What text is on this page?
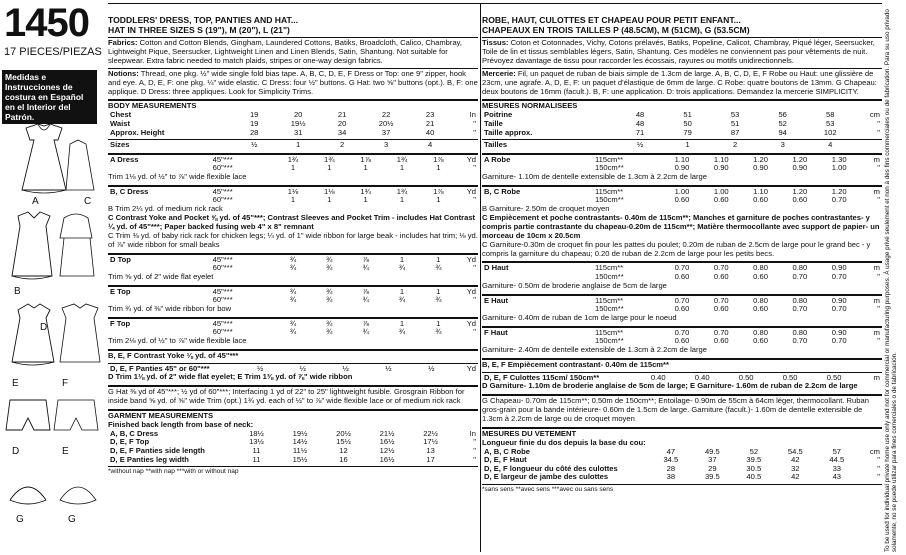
1450
17 PIECES/PIEZAS
Medidas e Instrucciones de costura en Español en el Interior del Patrón.
A	C
B
D
E	F
D	E
G	G
TODDLERS' DRESS, TOP, PANTIES AND HAT...
HAT IN THREE SIZES S (19"), M (20"), L (21")
Fabrics: Cotton and Cotton Blends, Gingham, Laundered Cottons, Batiks, Broadcloth, Calico, Chambray, Lightweight Pique, Seersucker, Lightweight Linen and Linen Blends, Satin, Shantung. Not suitable for sleepwear. Extra fabric needed to match plaids, stripes or one-way design fabrics.
Notions: Thread, one pkg. ½" wide single fold bias tape. A, B, C, D, E, F Dress or Top: one 9" zipper, hook and eye. A, D, E, F: one pkg. ¼" wide elastic. C Dress: four ½" buttons. G Hat: two ⅝" buttons (opt.). B, F: one applique. D Dress: three appliques. Look for Simplicity Trims.
BODY MEASUREMENTS
Chest	19	20	21	22	23	In
Waist	19	19½	20	20½	21	"
Approx. Height	28	31	34	37	40	"
Sizes	½	1	2	3	4	
A Dress	45"***	1¾	1¾	1⅞	1¾	1⅞	Yd
	60"***	1	1	1	1	1	"
Trim 1⅛ yd. of ½" to ⅞" wide flexible lace
B, C Dress	45"***	1⅛	1⅛	1¾	1¾	1⅞	Yd
	60"***	1	1	1	1	1	"
B Trim 2¼ yd. of medium rick rack
C Contrast Yoke and Pocket ⅝ yd. of 45"***; Contrast Sleeves and Pocket Trim - includes Hat Contrast ¼ yd. of 45"***; Paper backed fusing web 4" x 8" remnant
C Trim ⅜ yd. of baby rick rack for chicken legs; ¼ yd. of 1" wide ribbon for large beak - includes hat trim; ⅛ yd. of ⅞" wide ribbon for small beaks
D Top	45"***	¾	¾	⅞	1	1	Yd
	60"***	¾	¾	¾	¾	¾	"
Trim ⅝ yd. of 2" wide flat eyelet
E Top	45"***	¾	¾	⅞	1	1	Yd
	60"***	¾	¾	¾	¾	¾	"
Trim ¾ yd. of ⅜" wide ribbon for bow
F Top	45"***	¾	¾	⅞	1	1	Yd
	60"***	¾	¾	¾	¾	¾	"
Trim 2⅛ yd. of ½" to ⅞" wide flexible lace
B, E, F Contrast Yoke ⅛ yd. of 45"***
D, E, F Panties 45" or 60"***	½	½	½	½	½	Yd
D Trim 1⅛ yd. of 2" wide flat eyelet; E Trim 1⅜ yd. of ⅞" wide ribbon
G Hat ⅜ yd of 45"***; ½ yd of 60"***; Interfacing 1 yd of 22" to 25" lightweight fusible. Grosgrain Ribbon for inside band ⅝ yd. of ⅝" wide Trim (opt.) 1¾ yd. each of ½" to ⅞" wide flexible lace or of medium rick rack
GARMENT MEASUREMENTS
Finished back length from base of neck:
A, B, C Dress	18½	19½	20½	21½	22½	In
D, E, F Top	13½	14½	15½	16½	17½	"
D, E, F Panties side length	11	11½	12	12½	13	"
D, E Panties leg width	11	15½	16	16½	17	"
*without nap **with nap ***with or without nap
ROBE, HAUT, CULOTTES ET CHAPEAU POUR PETIT ENFANT...
CHAPEAUX EN TROIS TAILLES P (48.5CM), M (51CM), G (53.5CM)
Tissus: Coton et Cotonnades, Vichy, Cotons prélavés, Batiks, Popeline, Calicot, Chambray, Piqué léger, Seersucker, Toile de lin et tissus semblables légers, Satin, Shantung. Ces modèles ne conviennent pas pour vêtements de nuit. Prévoyez davantage de tissu pour raccorder les écossais, rayures ou motifs unidirectionnels.
Mercerie: Fil, un paquet de ruban de biais simple de 1.3cm de large. A, B, C, D, E, F Robe ou Haut: une glissière de 23cm, une agrafe. A, D, E, F: un paquet d'élastique de 6mm de large. C Robe: quatre boutons de 13mm. G Chapeau: deux boutons de 16mm (facult.). B, F: une application. D: trois applications. Demandez la mercerie SIMPLICITY.
MESURES NORMALISEES
Poitrine	48	51	53	56	58	cm
Taille	48	50	51	52	53	"
Taille approx.	71	79	87	94	102	"
Tailles	½	1	2	3	4	
A Robe	115cm**	1.10	1.10	1.20	1.20	1.30	m
	150cm**	0.90	0.90	0.90	0.90	1.00	"
Garniture- 1.10m de dentelle extensible de 1.3cm à 2.2cm de large
B, C Robe	115cm**	1.00	1.00	1.10	1.20	1.20	m
	150cm**	0.60	0.60	0.60	0.60	0.70	"
B Garniture- 2.50m de croquet moyen
C Empiècement et poche contrastants- 0.40m de 115cm**; Manches et garniture de poches contrastantes- y compris partie contrastante du chapeau-0.20m de 115cm**; Matière thermocollante avec support de papier- un morceau de 10cm x 20.5cm
C Garniture-0.30m de croquet fin pour les pattes du poulet; 0.20m de ruban de 2.5cm de large pour le grand bec - y compris la garniture du chapeau; 0.20 de ruban de 2.2cm de large pour les petits becs.
D Haut	115cm**	0.70	0.70	0.80	0.80	0.90	m
	150cm**	0.60	0.60	0.60	0.70	0.70	"
Garniture- 0.50m de broderie anglaise de 5cm de large
E Haut	115cm**	0.70	0.70	0.80	0.80	0.90	m
	150cm**	0.60	0.60	0.60	0.70	0.70	"
Garniture- 0.40m de ruban de 1cm de large pour le noeud
F Haut	115cm**	0.70	0.70	0.80	0.80	0.90	m
	150cm**	0.60	0.60	0.60	0.70	0.70	"
Garniture- 2.40m de dentelle extensible de 1.3cm à 2.2cm de large
B, E, F Empiècement contrastant- 0.40m de 115cm**
D, E, F Culottes 115cm/ 150cm**	0.40	0.40	0.50	0.50	0.50	m
D Garniture- 1.10m de broderie anglaise de 5cm de large; E Garniture- 1.60m de ruban de 2.2cm de large
G Chapeau- 0.70m de 115cm**; 0.50m de 150cm**; Entoilage- 0.90m de 55cm à 64cm léger, thermocollant. Ruban gros-grain pour la bande intérieure- 0.60m de 1.5cm de large. Garniture (facult.)- 1.60m de dentelle extensible de 1.3cm à 2.2cm de large ou de croquet moyen
MESURES DU VETEMENT
Longueur finie du dos depuis la base du cou:
A, B, C Robe	47	49.5	52	54.5	57	cm
D, E, F Haut	34.5	37	39.5	42	44.5	"
D, E, F longueur du côté des culottes	28	29	30.5	32	33	"
D, E largeur de jambe des culottes	38	39.5	40.5	42	43	"
*sans sens **avec sens ***avec ou sans sens	To be used for individual private home use only and not for commercial or manufacturing purposes. À usage privé seulement et non à des fins commerciales ou de fabrication. Para su uso privado solamente, no se puede utilizar para fines comerciales o de fabricación.
